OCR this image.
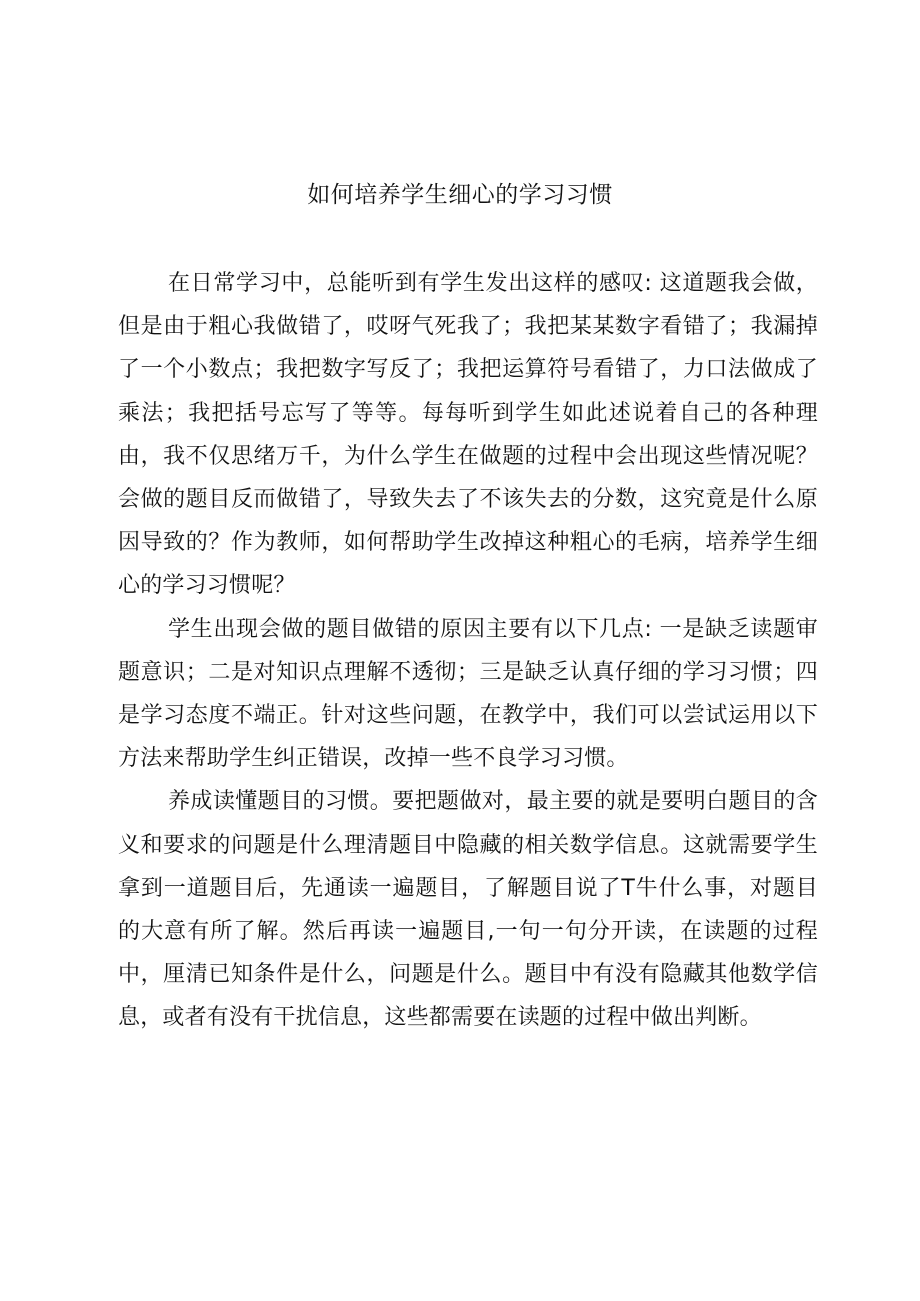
如何培养学生细心的学习习惯

在日常学习中，总能听到有学生发出这样的感叹: 这道题我会做，但是由于粗心我做错了，哎呀气死我了；我把某某数字看错了；我漏掉了一个小数点；我把数字写反了；我把运算符号看错了，力口法做成了乘法；我把括号忘写了等等。每每听到学生如此述说着自己的各种理由，我不仅思绪万千，为什么学生在做题的过程中会出现这些情况呢？会做的题目反而做错了，导致失去了不该失去的分数，这究竟是什么原因导致的？作为教师，如何帮助学生改掉这种粗心的毛病，培养学生细心的学习习惯呢？

学生出现会做的题目做错的原因主要有以下几点: 一是缺乏读题审题意识；二是对知识点理解不透彻；三是缺乏认真仔细的学习习惯；四是学习态度不端正。针对这些问题，在教学中，我们可以尝试运用以下方法来帮助学生纠正错误，改掉一些不良学习习惯。

养成读懂题目的习惯。要把题做对，最主要的就是要明白题目的含义和要求的问题是什么理清题目中隐藏的相关数学信息。这就需要学生拿到一道题目后，先通读一遍题目，了解题目说了T牛什么事，对题目的大意有所了解。然后再读一遍题目,一句一句分开读，在读题的过程中，厘清已知条件是什么，问题是什么。题目中有没有隐藏其他数学信息，或者有没有干扰信息，这些都需要在读题的过程中做出判断。
